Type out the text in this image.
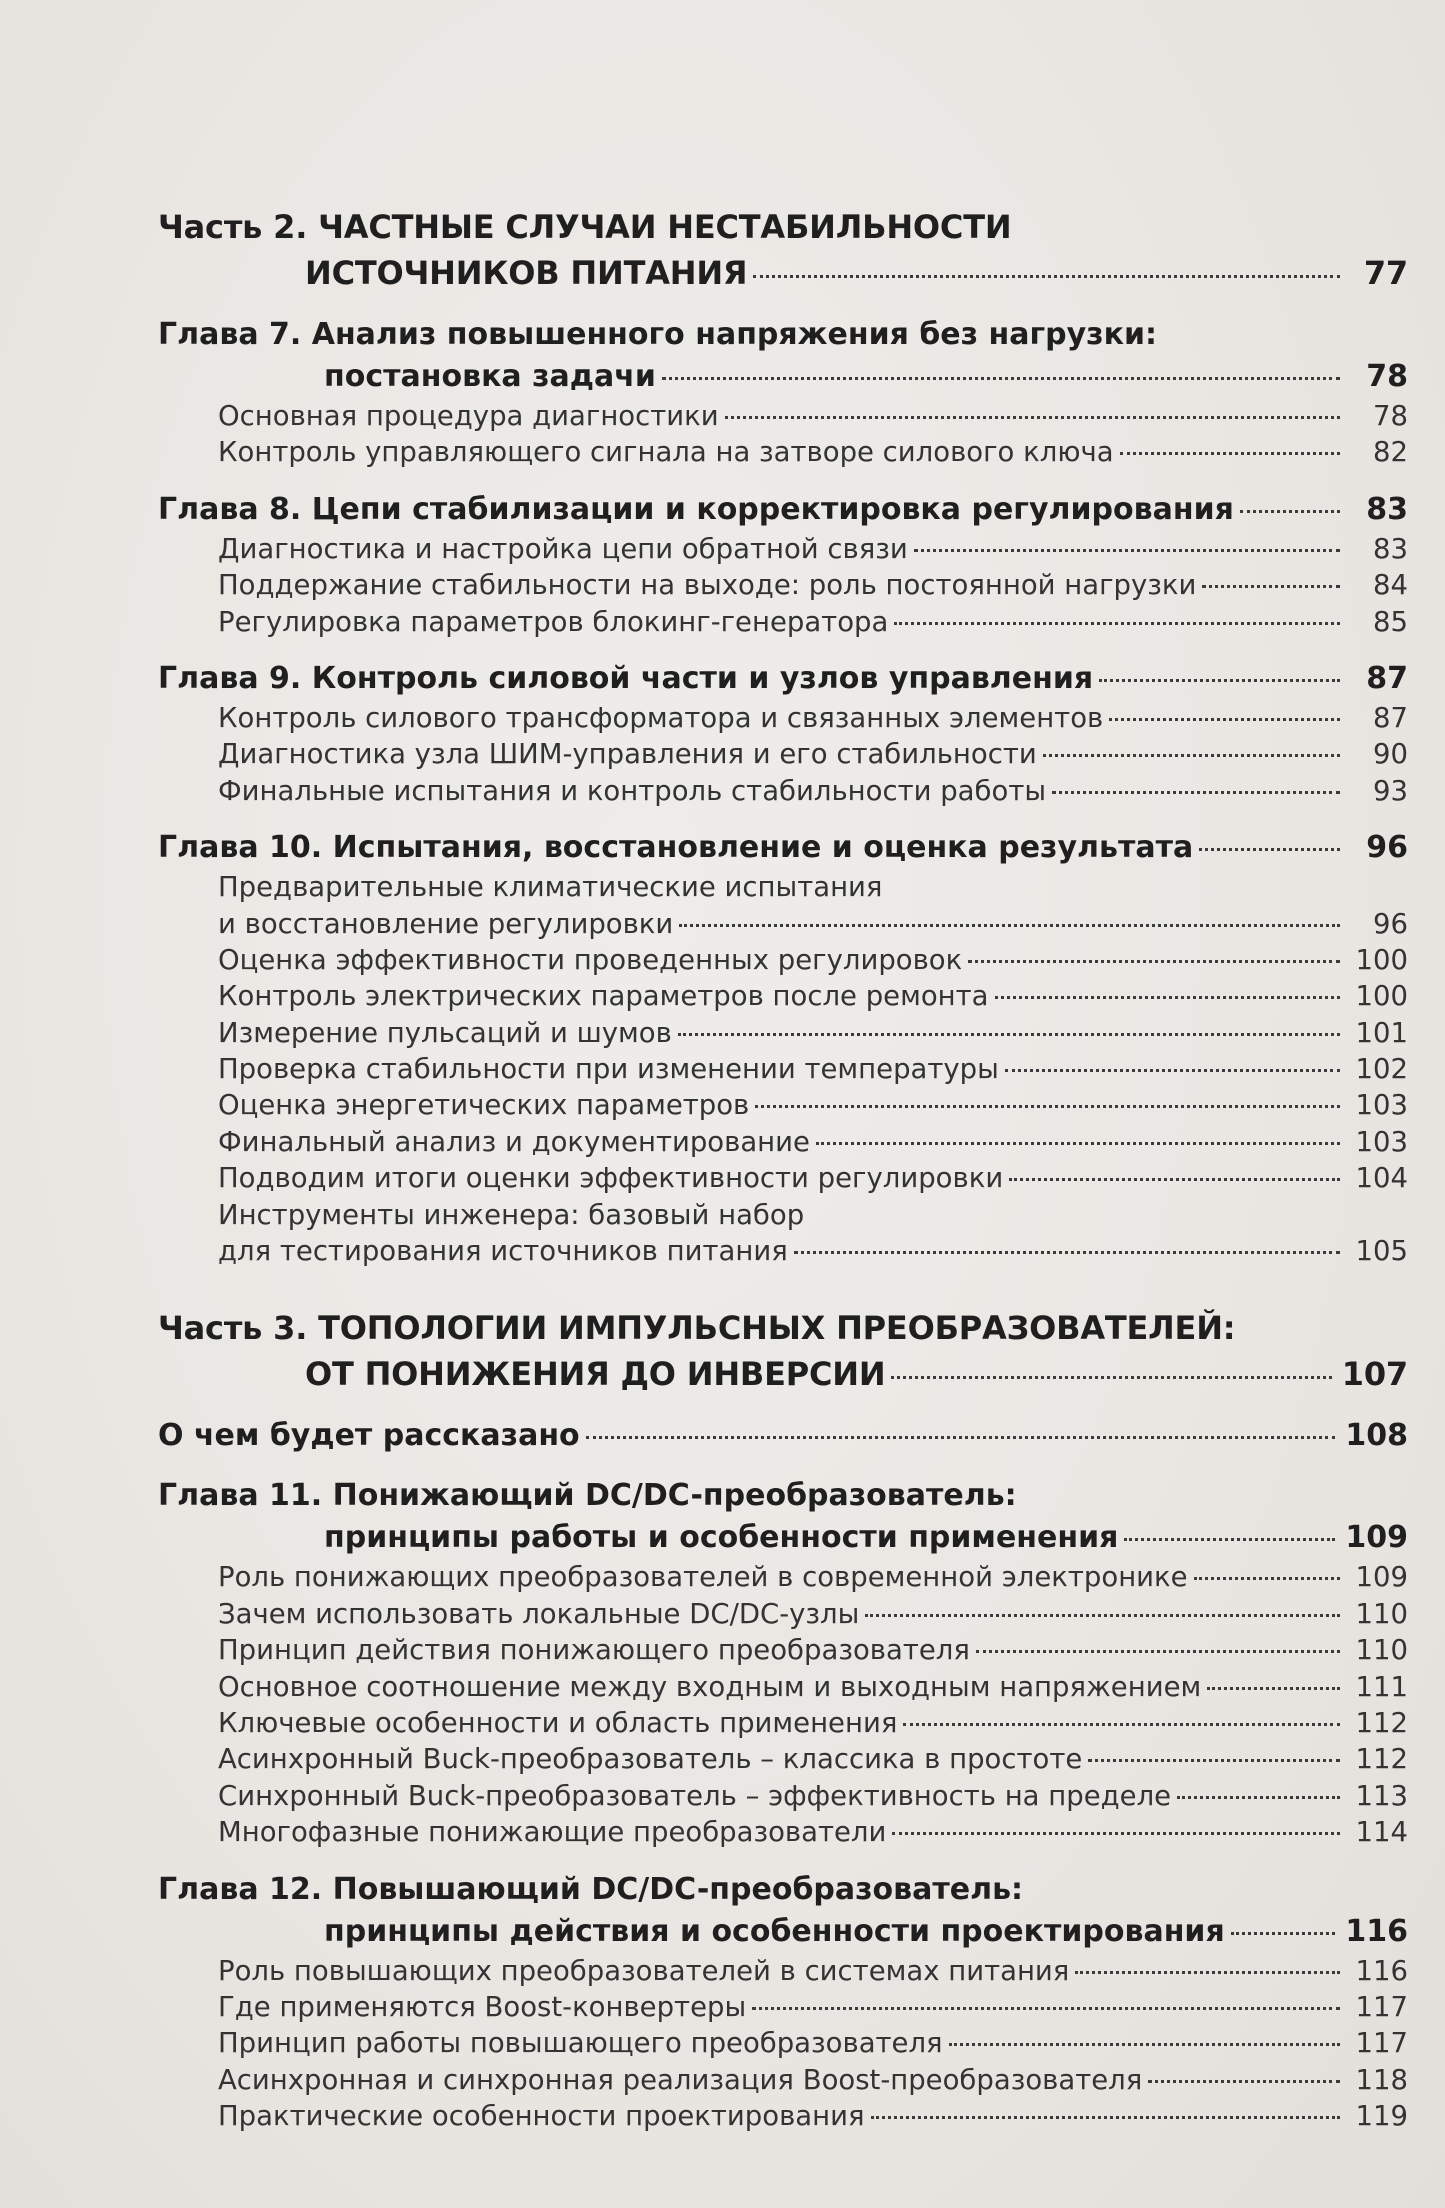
Часть 2. ЧАСТНЫЕ СЛУЧАИ НЕСТАБИЛЬНОСТИ
ИСТОЧНИКОВ ПИТАНИЯ	77
Глава 7. Анализ повышенного напряжения без нагрузки:
постановка задачи	78
Основная процедура диагностики	78
Контроль управляющего сигнала на затворе силового ключа	82
Глава 8. Цепи стабилизации и корректировка регулирования	83
Диагностика и настройка цепи обратной связи	83
Поддержание стабильности на выходе: роль постоянной нагрузки	84
Регулировка параметров блокинг-генератора	85
Глава 9. Контроль силовой части и узлов управления	87
Контроль силового трансформатора и связанных элементов	87
Диагностика узла ШИМ-управления и его стабильности	90
Финальные испытания и контроль стабильности работы	93
Глава 10. Испытания, восстановление и оценка результата	96
Предварительные климатические испытания
и восстановление регулировки	96
Оценка эффективности проведенных регулировок	100
Контроль электрических параметров после ремонта	100
Измерение пульсаций и шумов	101
Проверка стабильности при изменении температуры	102
Оценка энергетических параметров	103
Финальный анализ и документирование	103
Подводим итоги оценки эффективности регулировки	104
Инструменты инженера: базовый набор
для тестирования источников питания	105
Часть 3. ТОПОЛОГИИ ИМПУЛЬСНЫХ ПРЕОБРАЗОВАТЕЛЕЙ:
ОТ ПОНИЖЕНИЯ ДО ИНВЕРСИИ	107
О чем будет рассказано	108
Глава 11. Понижающий DC/DC-преобразователь:
принципы работы и особенности применения	109
Роль понижающих преобразователей в современной электронике	109
Зачем использовать локальные DC/DC-узлы	110
Принцип действия понижающего преобразователя	110
Основное соотношение между входным и выходным напряжением	111
Ключевые особенности и область применения	112
Асинхронный Buck-преобразователь – классика в простоте	112
Синхронный Buck-преобразователь – эффективность на пределе	113
Многофазные понижающие преобразователи	114
Глава 12. Повышающий DC/DC-преобразователь:
принципы действия и особенности проектирования	116
Роль повышающих преобразователей в системах питания	116
Где применяются Boost-конвертеры	117
Принцип работы повышающего преобразователя	117
Асинхронная и синхронная реализация Boost-преобразователя	118
Практические особенности проектирования	119
